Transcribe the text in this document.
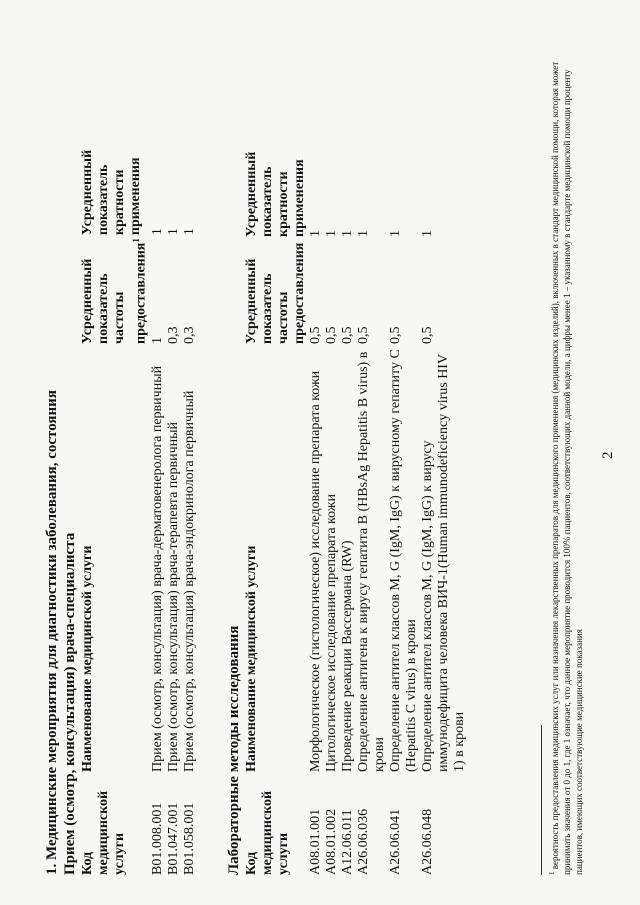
2
1. Медицинские мероприятия для диагностики заболевания, состояния Прием (осмотр, консультация) врача-специалиста Код медицинской услуги	Наименование медицинской услуги	Усредненный показатель частоты предоставления$^1$	Усредненный показатель кратности применения
B01.008.001	Прием (осмотр, консультация) врача-дерматовенеролога первичный	1	1
B01.047.001	Прием (осмотр, консультация) врача-терапевта первичный	0,3	1
B01.058.001	Прием (осмотр, консультация) врача-эндокринолога первичный	0,3	1
Лабораторные методы исследования Код медицинской услуги	Наименование медицинской услуги	Усредненный показатель частоты предоставления	Усредненный показатель кратности применения
A08.01.001	Морфологическое (гистологическое) исследование препарата кожи	0,5	1
A08.01.002	Цитологическое исследование препарата кожи	0,5	1
A12.06.011	Проведение реакции Вассермана (RW)	0,5	1
A26.06.036	Определение антигена к вирусу гепатита B (HBsAg Hepatitis B virus) в крови	0,5	1
A26.06.041	Определение антител классов M, G (IgM, IgG) к вирусному гепатиту C (Hepatitis C virus) в крови	0,5	1
A26.06.048	Определение антител классов M, G (IgM, IgG) к вирусу иммунодефицита человека ВИЧ-1(Human immunodeficiency virus HIV 1) в крови	0,5	1
$^1$ вероятность предоставления медицинских услуг или назначения лекарственных препаратов для медицинского применения (медицинских изделий), включенных в стандарт медицинской помощи, которая может принимать значения от 0 до 1, где 1 означает, что данное мероприятие проводится 100% пациентов, соответствующих данной модели, а цифры менее 1 – указанному в стандарте медицинской помощи проценту пациентов, имеющих соответствующие медицинские показания
